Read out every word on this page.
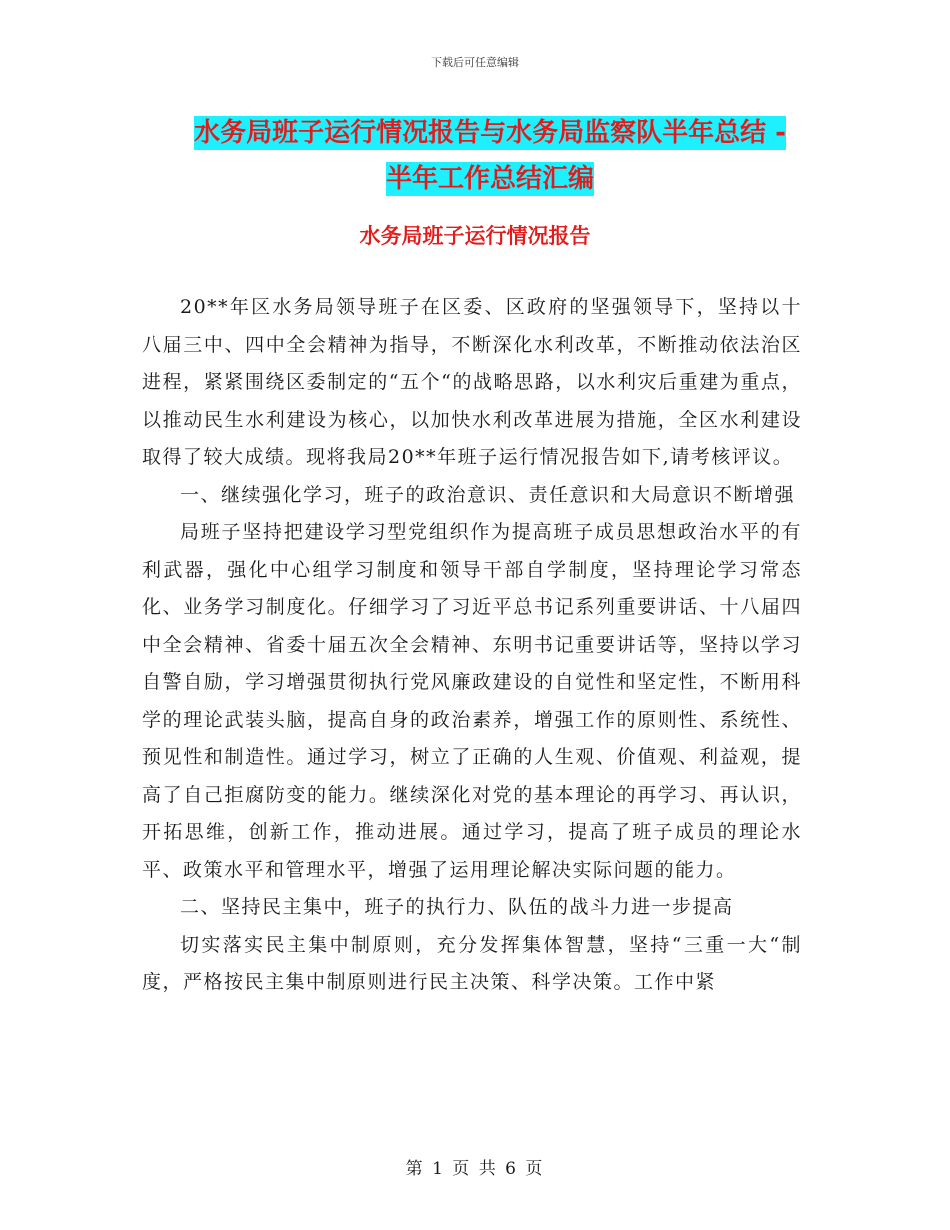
下载后可任意编辑
水务局班子运行情况报告与水务局监察队半年总结 -
半年工作总结汇编
水务局班子运行情况报告

20**年区水务局领导班子在区委、区政府的坚强领导下，坚持以十八届三中、四中全会精神为指导，不断深化水利改革，不断推动依法治区进程，紧紧围绕区委制定的“五个“的战略思路，以水利灾后重建为重点，以推动民生水利建设为核心，以加快水利改革进展为措施，全区水利建设取得了较大成绩。现将我局20**年班子运行情况报告如下,请考核评议。

一、继续强化学习，班子的政治意识、责任意识和大局意识不断增强

局班子坚持把建设学习型党组织作为提高班子成员思想政治水平的有利武器，强化中心组学习制度和领导干部自学制度，坚持理论学习常态化、业务学习制度化。仔细学习了习近平总书记系列重要讲话、十八届四中全会精神、省委十届五次全会精神、东明书记重要讲话等，坚持以学习自警自励，学习增强贯彻执行党风廉政建设的自觉性和坚定性，不断用科学的理论武装头脑，提高自身的政治素养，增强工作的原则性、系统性、预见性和制造性。通过学习，树立了正确的人生观、价值观、利益观，提高了自己拒腐防变的能力。继续深化对党的基本理论的再学习、再认识，开拓思维，创新工作，推动进展。通过学习，提高了班子成员的理论水平、政策水平和管理水平，增强了运用理论解决实际问题的能力。

二、坚持民主集中，班子的执行力、队伍的战斗力进一步提高

切实落实民主集中制原则，充分发挥集体智慧，坚持“三重一大“制度，严格按民主集中制原则进行民主决策、科学决策。工作中紧

第 1 页 共 6 页
